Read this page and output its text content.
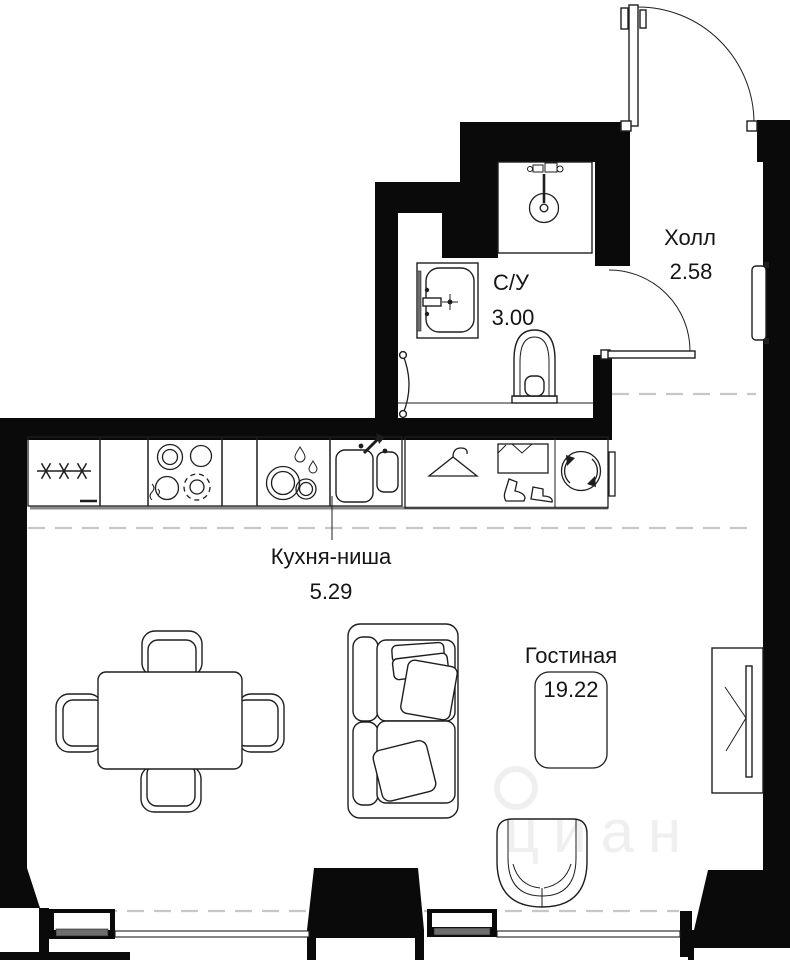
Холл
2.58
С/У
3.00
Кухня-ниша
5.29
Гостиная
19.22
циан
